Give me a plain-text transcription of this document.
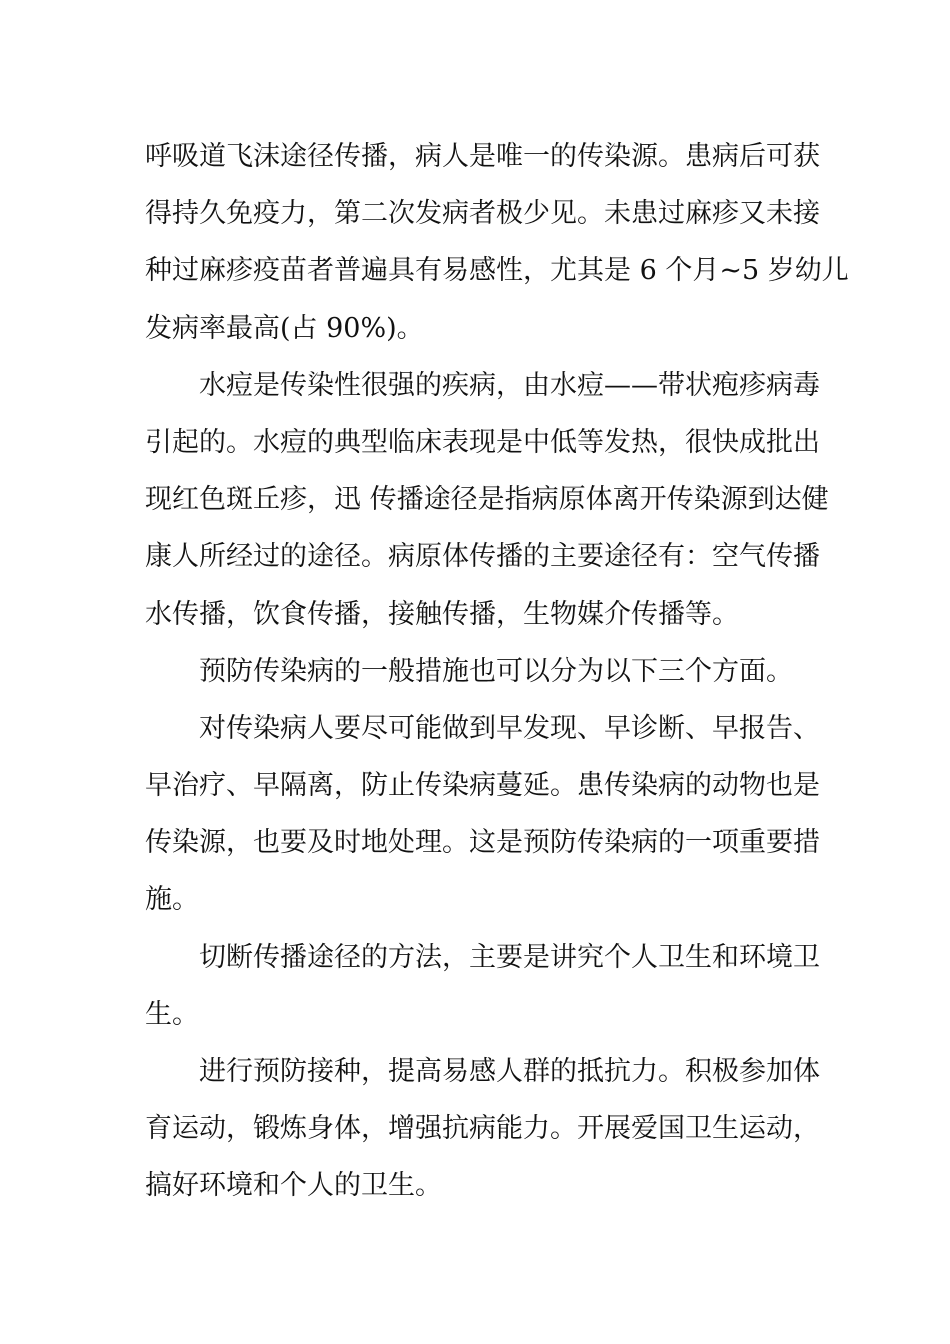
呼吸道飞沫途径传播，病人是唯一的传染源。患病后可获
得持久免疫力，第二次发病者极少见。未患过麻疹又未接
种过麻疹疫苗者普遍具有易感性，尤其是 6 个月~5 岁幼儿
发病率最高(占 90%)。
水痘是传染性很强的疾病，由水痘——带状疱疹病毒
引起的。水痘的典型临床表现是中低等发热，很快成批出
现红色斑丘疹，迅 传播途径是指病原体离开传染源到达健
康人所经过的途径。病原体传播的主要途径有：空气传播
水传播，饮食传播，接触传播，生物媒介传播等。
预防传染病的一般措施也可以分为以下三个方面。
对传染病人要尽可能做到早发现、早诊断、早报告、
早治疗、早隔离，防止传染病蔓延。患传染病的动物也是
传染源，也要及时地处理。这是预防传染病的一项重要措
施。
切断传播途径的方法，主要是讲究个人卫生和环境卫
生。
进行预防接种，提高易感人群的抵抗力。积极参加体
育运动，锻炼身体，增强抗病能力。开展爱国卫生运动，
搞好环境和个人的卫生。
